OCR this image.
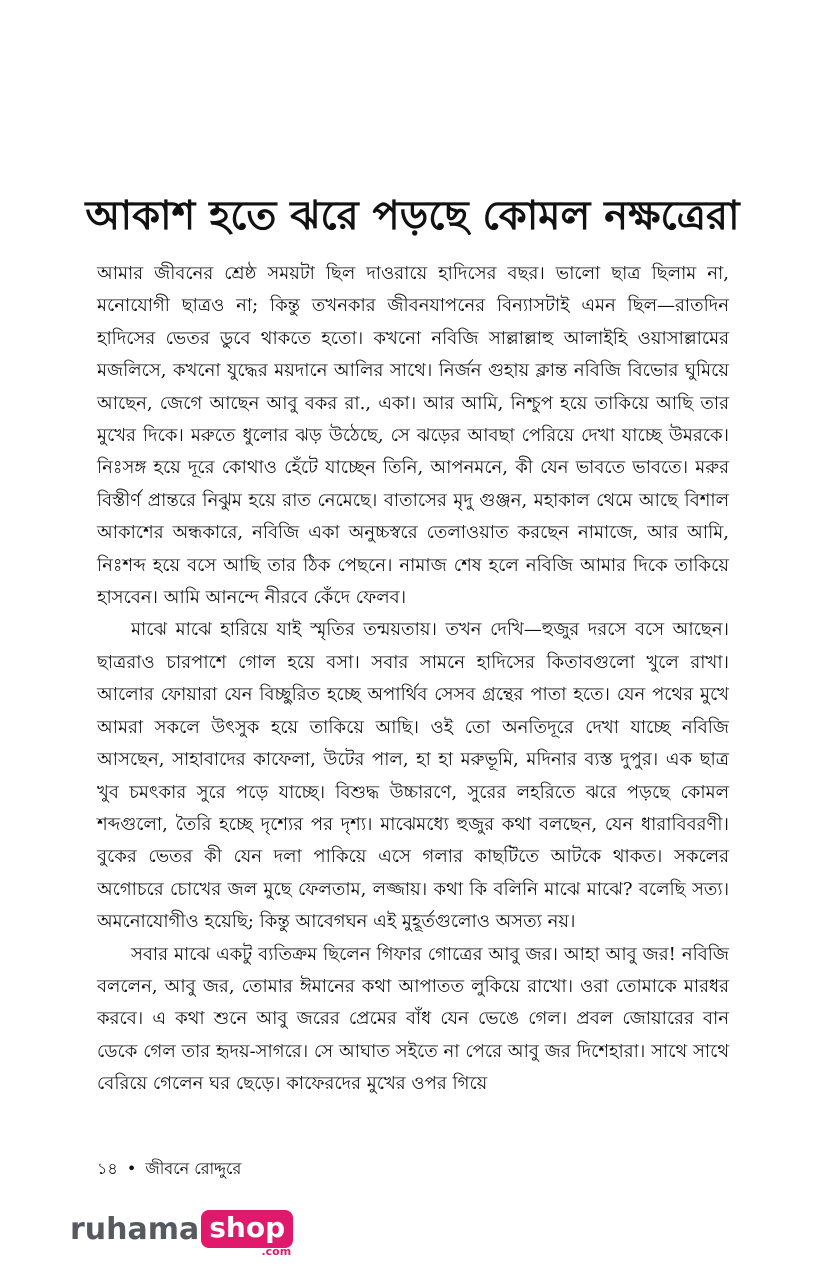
আকাশ হতে ঝরে পড়ছে কোমল নক্ষত্রেরা

আমার জীবনের শ্রেষ্ঠ সময়টা ছিল দাওরায়ে হাদিসের বছর। ভালো ছাত্র ছিলাম না, মনোযোগী ছাত্রও না; কিন্তু তখনকার জীবনযাপনের বিন্যাসটাই এমন ছিল—রাতদিন হাদিসের ভেতর ডুবে থাকতে হতো। কখনো নবিজি সাল্লাল্লাহু আলাইহি ওয়াসাল্লামের মজলিসে, কখনো যুদ্ধের ময়দানে আলির সাথে। নির্জন গুহায় ক্লান্ত নবিজি বিভোর ঘুমিয়ে আছেন, জেগে আছেন আবু বকর রা., একা। আর আমি, নিশ্চুপ হয়ে তাকিয়ে আছি তার মুখের দিকে। মরুতে ধুলোর ঝড় উঠেছে, সে ঝড়ের আবছা পেরিয়ে দেখা যাচ্ছে উমরকে। নিঃসঙ্গ হয়ে দূরে কোথাও হেঁটে যাচ্ছেন তিনি, আপনমনে, কী যেন ভাবতে ভাবতে। মরুর বিস্তীর্ণ প্রান্তরে নিঝুম হয়ে রাত নেমেছে। বাতাসের মৃদু গুঞ্জন, মহাকাল থেমে আছে বিশাল আকাশের অন্ধকারে, নবিজি একা অনুচ্চস্বরে তেলাওয়াত করছেন নামাজে, আর আমি, নিঃশব্দ হয়ে বসে আছি তার ঠিক পেছনে। নামাজ শেষ হলে নবিজি আমার দিকে তাকিয়ে হাসবেন। আমি আনন্দে নীরবে কেঁদে ফেলব।

মাঝে মাঝে হারিয়ে যাই স্মৃতির তন্ময়তায়। তখন দেখি—হুজুর দরসে বসে আছেন। ছাত্ররাও চারপাশে গোল হয়ে বসা। সবার সামনে হাদিসের কিতাবগুলো খুলে রাখা। আলোর ফোয়ারা যেন বিচ্ছুরিত হচ্ছে অপার্থিব সেসব গ্রন্থের পাতা হতে। যেন পথের মুখে আমরা সকলে উৎসুক হয়ে তাকিয়ে আছি। ওই তো অনতিদূরে দেখা যাচ্ছে নবিজি আসছেন, সাহাবাদের কাফেলা, উটের পাল, হা হা মরুভূমি, মদিনার ব্যস্ত দুপুর। এক ছাত্র খুব চমৎকার সুরে পড়ে যাচ্ছে। বিশুদ্ধ উচ্চারণে, সুরের লহরিতে ঝরে পড়ছে কোমল শব্দগুলো, তৈরি হচ্ছে দৃশ্যের পর দৃশ্য। মাঝেমধ্যে হুজুর কথা বলছেন, যেন ধারাবিবরণী। বুকের ভেতর কী যেন দলা পাকিয়ে এসে গলার কাছটিতে আটকে থাকত। সকলের অগোচরে চোখের জল মুছে ফেলতাম, লজ্জায়। কথা কি বলিনি মাঝে মাঝে? বলেছি সত্য। অমনোযোগীও হয়েছি; কিন্তু আবেগঘন এই মুহূর্তগুলোও অসত্য নয়।

সবার মাঝে একটু ব্যতিক্রম ছিলেন গিফার গোত্রের আবু জর। আহা আবু জর! নবিজি বললেন, আবু জর, তোমার ঈমানের কথা আপাতত লুকিয়ে রাখো। ওরা তোমাকে মারধর করবে। এ কথা শুনে আবু জরের প্রেমের বাঁধ যেন ভেঙে গেল। প্রবল জোয়ারের বান ডেকে গেল তার হৃদয়-সাগরে। সে আঘাত সইতে না পেরে আবু জর দিশেহারা। সাথে সাথে বেরিয়ে গেলেন ঘর ছেড়ে। কাফেরদের মুখের ওপর গিয়ে

১৪ • জীবনে রোদ্দুরে
ruhama shop
.com
